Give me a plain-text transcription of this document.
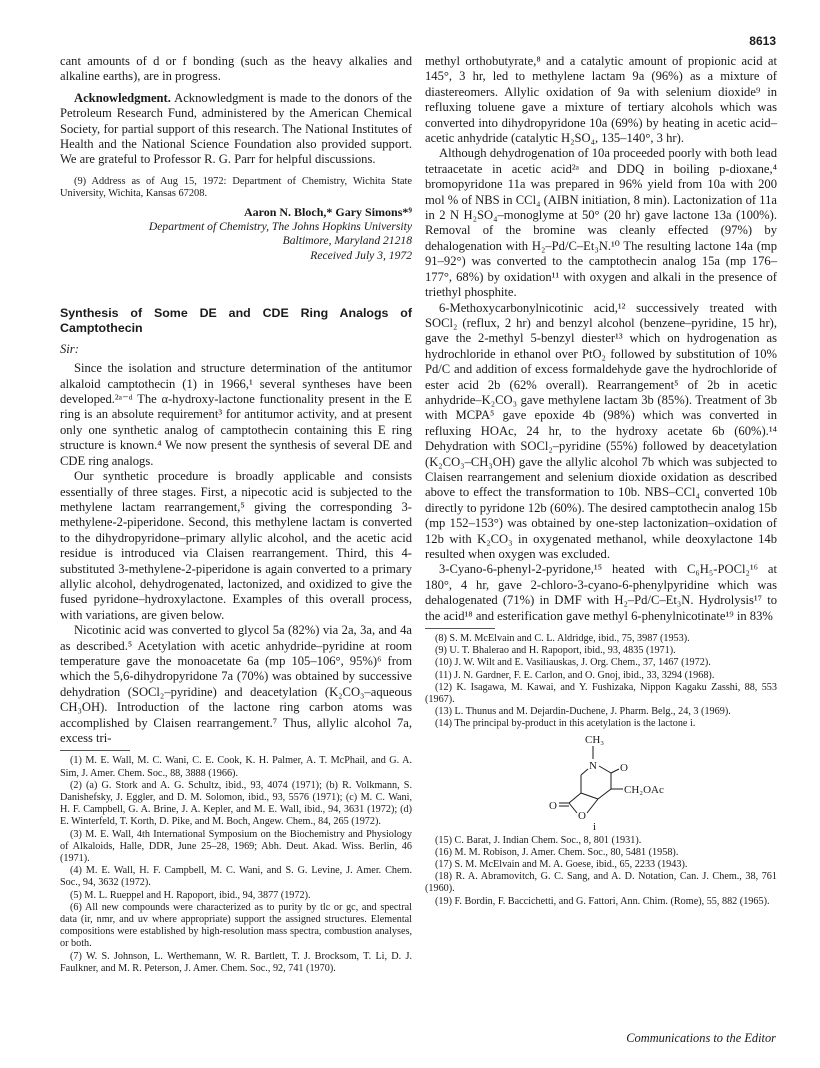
8613

cant amounts of d or f bonding (such as the heavy alkalies and alkaline earths), are in progress.

Acknowledgment. Acknowledgment is made to the donors of the Petroleum Research Fund, administered by the American Chemical Society, for partial support of this research. The National Institutes of Health and the National Science Foundation also provided support. We are grateful to Professor R. G. Parr for helpful discussions.

(9) Address as of Aug 15, 1972: Department of Chemistry, Wichita State University, Wichita, Kansas 67208.
Aaron N. Bloch,* Gary Simons*⁹
Department of Chemistry, The Johns Hopkins University
Baltimore, Maryland 21218
Received July 3, 1972
Synthesis of Some DE and CDE Ring Analogs of Camptothecin
Sir:

Since the isolation and structure determination of the antitumor alkaloid camptothecin (1) in 1966,¹ several syntheses have been developed.²ᵃ⁻ᵈ The α-hydroxy-lactone functionality present in the E ring is an absolute requirement³ for antitumor activity, and at present only one synthetic analog of camptothecin containing this E ring structure is known.⁴ We now present the synthesis of several DE and CDE ring analogs.

Our synthetic procedure is broadly applicable and consists essentially of three stages. First, a nipecotic acid is subjected to the methylene lactam rearrangement,⁵ giving the corresponding 3-methylene-2-piperidone. Second, this methylene lactam is converted to the dihydropyridone–primary allylic alcohol, and the acetic acid residue is introduced via Claisen rearrangement. Third, this 4-substituted 3-methylene-2-piperidone is again converted to a primary allylic alcohol, dehydrogenated, lactonized, and oxidized to give the fused pyridone–hydroxylactone. Examples of this overall process, with variations, are given below.

Nicotinic acid was converted to glycol 5a (82%) via 2a, 3a, and 4a as described.⁵ Acetylation with acetic anhydride–pyridine at room temperature gave the monoacetate 6a (mp 105–106°, 95%)⁶ from which the 5,6-dihydropyridone 7a (70%) was obtained by successive dehydration (SOCl₂–pyridine) and deacetylation (K₂CO₃–aqueous CH₃OH). Introduction of the lactone ring carbon atoms was accomplished by Claisen rearrangement.⁷ Thus, allylic alcohol 7a, excess tri-

(1) M. E. Wall, M. C. Wani, C. E. Cook, K. H. Palmer, A. T. McPhail, and G. A. Sim, J. Amer. Chem. Soc., 88, 3888 (1966).
(2) (a) G. Stork and A. G. Schultz, ibid., 93, 4074 (1971); (b) R. Volkmann, S. Danishefsky, J. Eggler, and D. M. Solomon, ibid., 93, 5576 (1971); (c) M. C. Wani, H. F. Campbell, G. A. Brine, J. A. Kepler, and M. E. Wall, ibid., 94, 3631 (1972); (d) E. Winterfeld, T. Korth, D. Pike, and M. Boch, Angew. Chem., 84, 265 (1972).
(3) M. E. Wall, 4th International Symposium on the Biochemistry and Physiology of Alkaloids, Halle, DDR, June 25–28, 1969; Abh. Deut. Akad. Wiss. Berlin, 46 (1971).
(4) M. E. Wall, H. F. Campbell, M. C. Wani, and S. G. Levine, J. Amer. Chem. Soc., 94, 3632 (1972).
(5) M. L. Rueppel and H. Rapoport, ibid., 94, 3877 (1972).
(6) All new compounds were characterized as to purity by tlc or gc, and spectral data (ir, nmr, and uv where appropriate) support the assigned structures. Elemental compositions were established by high-resolution mass spectra, combustion analyses, or both.
(7) W. S. Johnson, L. Werthemann, W. R. Bartlett, T. J. Brocksom, T. Li, D. J. Faulkner, and M. R. Peterson, J. Amer. Chem. Soc., 92, 741 (1970).

methyl orthobutyrate,⁸ and a catalytic amount of propionic acid at 145°, 3 hr, led to methylene lactam 9a (96%) as a mixture of diastereomers. Allylic oxidation of 9a with selenium dioxide⁹ in refluxing toluene gave a mixture of tertiary alcohols which was converted into dihydropyridone 10a (69%) by heating in acetic acid–acetic anhydride (catalytic H₂SO₄, 135–140°, 3 hr).

Although dehydrogenation of 10a proceeded poorly with both lead tetraacetate in acetic acid²ᵃ and DDQ in boiling p-dioxane,⁴ bromopyridone 11a was prepared in 96% yield from 10a with 200 mol % of NBS in CCl₄ (AIBN initiation, 8 min). Lactonization of 11a in 2 N H₂SO₄–monoglyme at 50° (20 hr) gave lactone 13a (100%). Removal of the bromine was cleanly effected (97%) by dehalogenation with H₂–Pd/C–Et₃N.¹⁰ The resulting lactone 14a (mp 91–92°) was converted to the camptothecin analog 15a (mp 176–177°, 68%) by oxidation¹¹ with oxygen and alkali in the presence of triethyl phosphite.

6-Methoxycarbonylnicotinic acid,¹² successively treated with SOCl₂ (reflux, 2 hr) and benzyl alcohol (benzene–pyridine, 15 hr), gave the 2-methyl 5-benzyl diester¹³ which on hydrogenation as hydrochloride in ethanol over PtO₂ followed by substitution of 10% Pd/C and addition of excess formaldehyde gave the hydrochloride of ester acid 2b (62% overall). Rearrangement⁵ of 2b in acetic anhydride–K₂CO₃ gave methylene lactam 3b (85%). Treatment of 3b with MCPA⁵ gave epoxide 4b (98%) which was converted in refluxing HOAc, 24 hr, to the hydroxy acetate 6b (60%).¹⁴ Dehydration with SOCl₂–pyridine (55%) followed by deacetylation (K₂CO₃–CH₃OH) gave the allylic alcohol 7b which was subjected to Claisen rearrangement and selenium dioxide oxidation as described above to effect the transformation to 10b. NBS–CCl₄ converted 10b directly to pyridone 12b (60%). The desired camptothecin analog 15b (mp 152–153°) was obtained by one-step lactonization–oxidation of 12b with K₂CO₃ in oxygenated methanol, while deoxylactone 14b resulted when oxygen was excluded.

3-Cyano-6-phenyl-2-pyridone,¹⁵ heated with C₆H₅-POCl₂¹⁶ at 180°, 4 hr, gave 2-chloro-3-cyano-6-phenylpyridine which was dehalogenated (71%) in DMF with H₂–Pd/C–Et₃N. Hydrolysis¹⁷ to the acid¹⁸ and esterification gave methyl 6-phenylnicotinate¹⁹ in 83%

(8) S. M. McElvain and C. L. Aldridge, ibid., 75, 3987 (1953).
(9) U. T. Bhalerao and H. Rapoport, ibid., 93, 4835 (1971).
(10) J. W. Wilt and E. Vasiliauskas, J. Org. Chem., 37, 1467 (1972).
(11) J. N. Gardner, F. E. Carlon, and O. Gnoj, ibid., 33, 3294 (1968).
(12) K. Isagawa, M. Kawai, and Y. Fushizaka, Nippon Kagaku Zasshi, 88, 553 (1967).
(13) L. Thunus and M. Dejardin-Duchene, J. Pharm. Belg., 24, 3 (1969).
(14) The principal by-product in this acetylation is the lactone i.
CH₃
N O
CH₂OAc
O
O
i
(15) C. Barat, J. Indian Chem. Soc., 8, 801 (1931).
(16) M. M. Robison, J. Amer. Chem. Soc., 80, 5481 (1958).
(17) S. M. McElvain and M. A. Goese, ibid., 65, 2233 (1943).
(18) R. A. Abramovitch, G. C. Sang, and A. D. Notation, Can. J. Chem., 38, 761 (1960).
(19) F. Bordin, F. Baccichetti, and G. Fattori, Ann. Chim. (Rome), 55, 882 (1965).
Communications to the Editor
